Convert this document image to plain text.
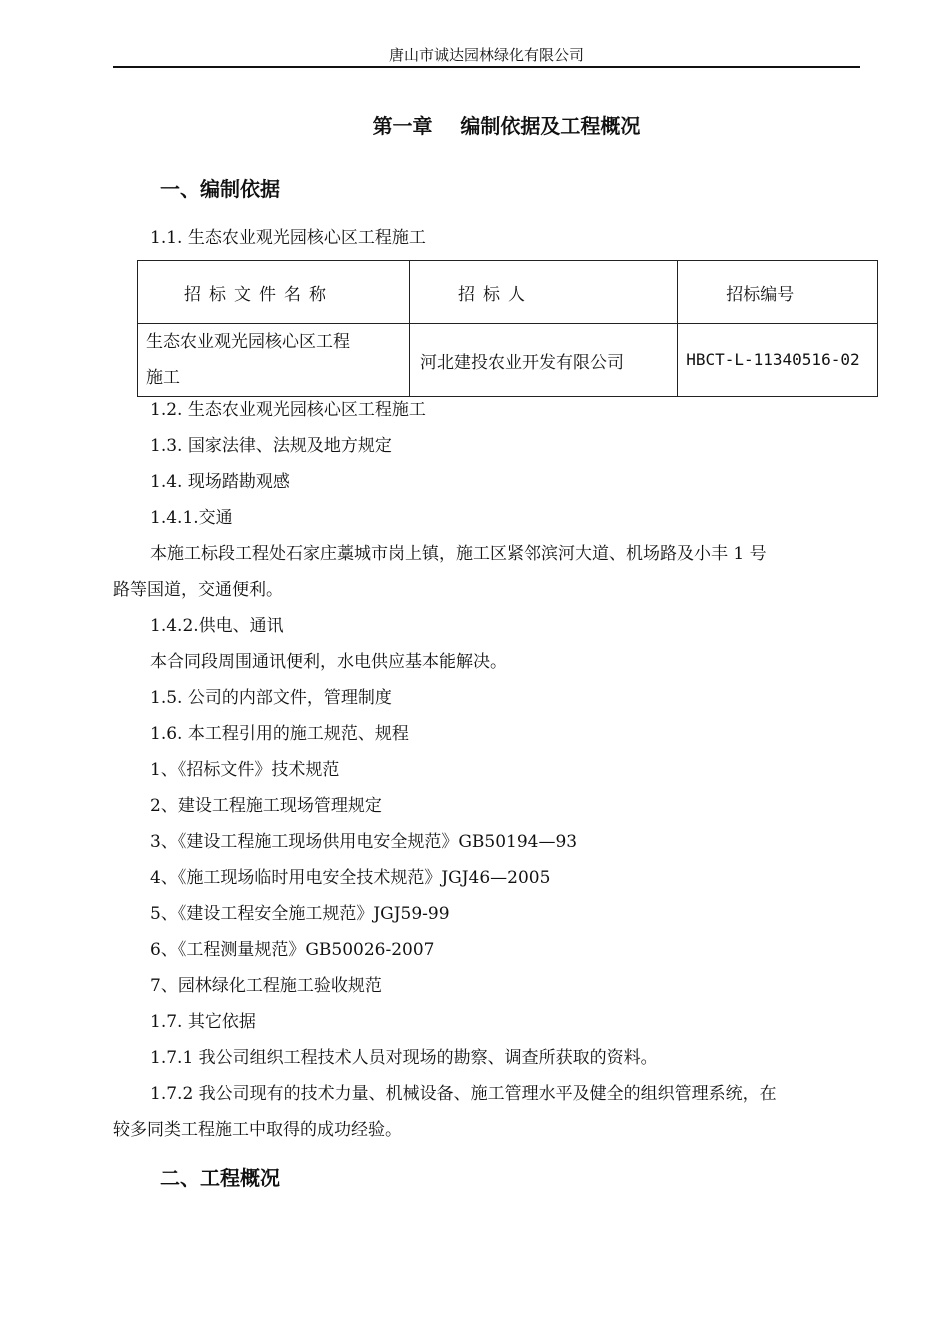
唐山市诚达园林绿化有限公司
第一章    编制依据及工程概况
一、编制依据
1.1. 生态农业观光园核心区工程施工
招标文件名称	招标人	招标编号

生态农业观光园核心区工程
施工	河北建投农业开发有限公司	HBCT-L-11340516-02
1.2. 生态农业观光园核心区工程施工
1.3. 国家法律、法规及地方规定
1.4. 现场踏勘观感
1.4.1.交通
本施工标段工程处石家庄藁城市岗上镇，施工区紧邻滨河大道、机场路及小丰 1 号
路等国道，交通便利。
1.4.2.供电、通讯
本合同段周围通讯便利，水电供应基本能解决。
1.5. 公司的内部文件，管理制度
1.6. 本工程引用的施工规范、规程
1、《招标文件》技术规范
2、建设工程施工现场管理规定
3、《建设工程施工现场供用电安全规范》GB50194—93
4、《施工现场临时用电安全技术规范》JGJ46—2005
5、《建设工程安全施工规范》JGJ59-99
6、《工程测量规范》GB50026-2007
7、园林绿化工程施工验收规范
1.7. 其它依据
1.7.1 我公司组织工程技术人员对现场的勘察、调查所获取的资料。
1.7.2 我公司现有的技术力量、机械设备、施工管理水平及健全的组织管理系统，在
较多同类工程施工中取得的成功经验。
二、工程概况
